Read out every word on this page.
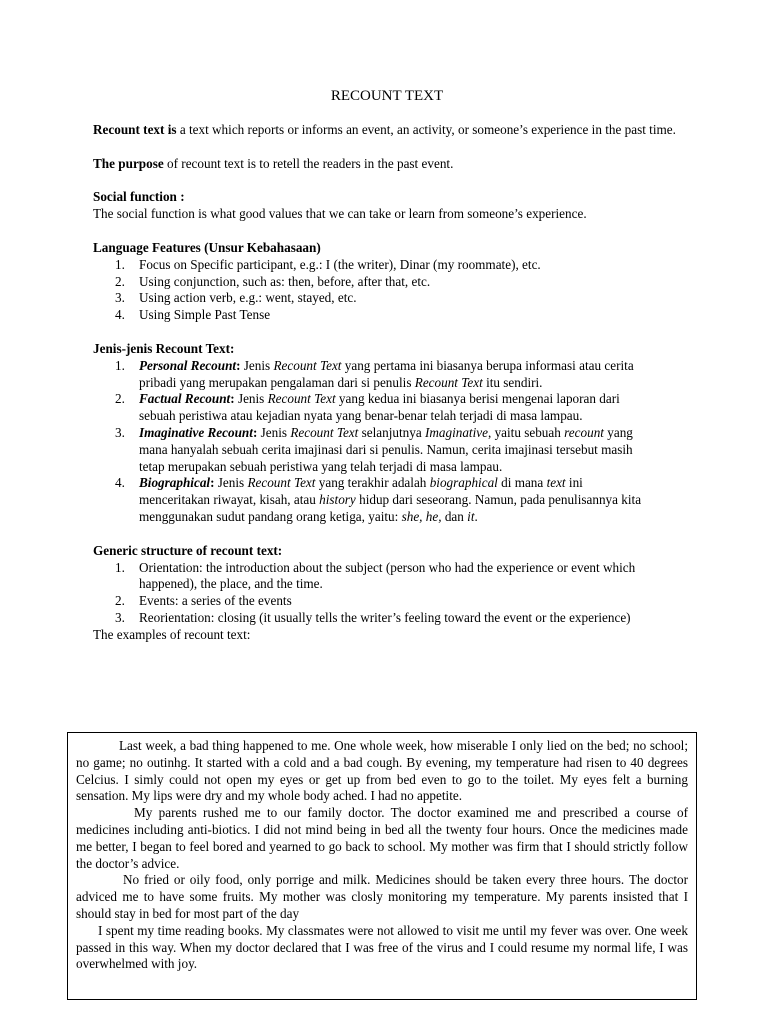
RECOUNT TEXT

Recount text is a text which reports or informs an event, an activity, or someone’s experience in the past time.

The purpose of recount text is to retell the readers in the past event.

Social function :

The social function is what good values that we can take or learn from someone’s experience.

Language Features (Unsur Kebahasaan)

1. Focus on Specific participant, e.g.: I (the writer), Dinar (my roommate), etc.
2. Using conjunction, such as: then, before, after that, etc.
3. Using action verb, e.g.: went, stayed, etc.
4. Using Simple Past Tense

Jenis-jenis Recount Text:

1. Personal Recount: Jenis Recount Text yang pertama ini biasanya berupa informasi atau cerita pribadi yang merupakan pengalaman dari si penulis Recount Text itu sendiri.
2. Factual Recount: Jenis Recount Text yang kedua ini biasanya berisi mengenai laporan dari sebuah peristiwa atau kejadian nyata yang benar-benar telah terjadi di masa lampau.
3. Imaginative Recount: Jenis Recount Text selanjutnya Imaginative, yaitu sebuah recount yang mana hanyalah sebuah cerita imajinasi dari si penulis. Namun, cerita imajinasi tersebut masih tetap merupakan sebuah peristiwa yang telah terjadi di masa lampau.
4. Biographical: Jenis Recount Text yang terakhir adalah biographical di mana text ini menceritakan riwayat, kisah, atau history hidup dari seseorang. Namun, pada penulisannya kita menggunakan sudut pandang orang ketiga, yaitu: she, he, dan it.

Generic structure of recount text:

1. Orientation: the introduction about the subject (person who had the experience or event which happened), the place, and the time.
2. Events: a series of the events
3. Reorientation: closing (it usually tells the writer’s feeling toward the event or the experience)

The examples of recount text:

Last week, a bad thing happened to me. One whole week, how miserable I only lied on the bed; no school; no game; no outinhg. It started with a cold and a bad cough. By evening, my temperature had risen to 40 degrees Celcius. I simly could not open my eyes or get up from bed even to go to the toilet. My eyes felt a burning sensation. My lips were dry and my whole body ached. I had no appetite.

My parents rushed me to our family doctor. The doctor examined me and prescribed a course of medicines including anti-biotics. I did not mind being in bed all the twenty four hours. Once the medicines made me better, I began to feel bored and yearned to go back to school. My mother was firm that I should strictly follow the doctor’s advice.

No fried or oily food, only porrige and milk. Medicines should be taken every three hours. The doctor adviced me to have some fruits. My mother was closly monitoring my temperature. My parents insisted that I should stay in bed for most part of the day

I spent my time reading books. My classmates were not allowed to visit me until my fever was over. One week passed in this way. When my doctor declared that I was free of the virus and I could resume my normal life, I was overwhelmed with joy.
